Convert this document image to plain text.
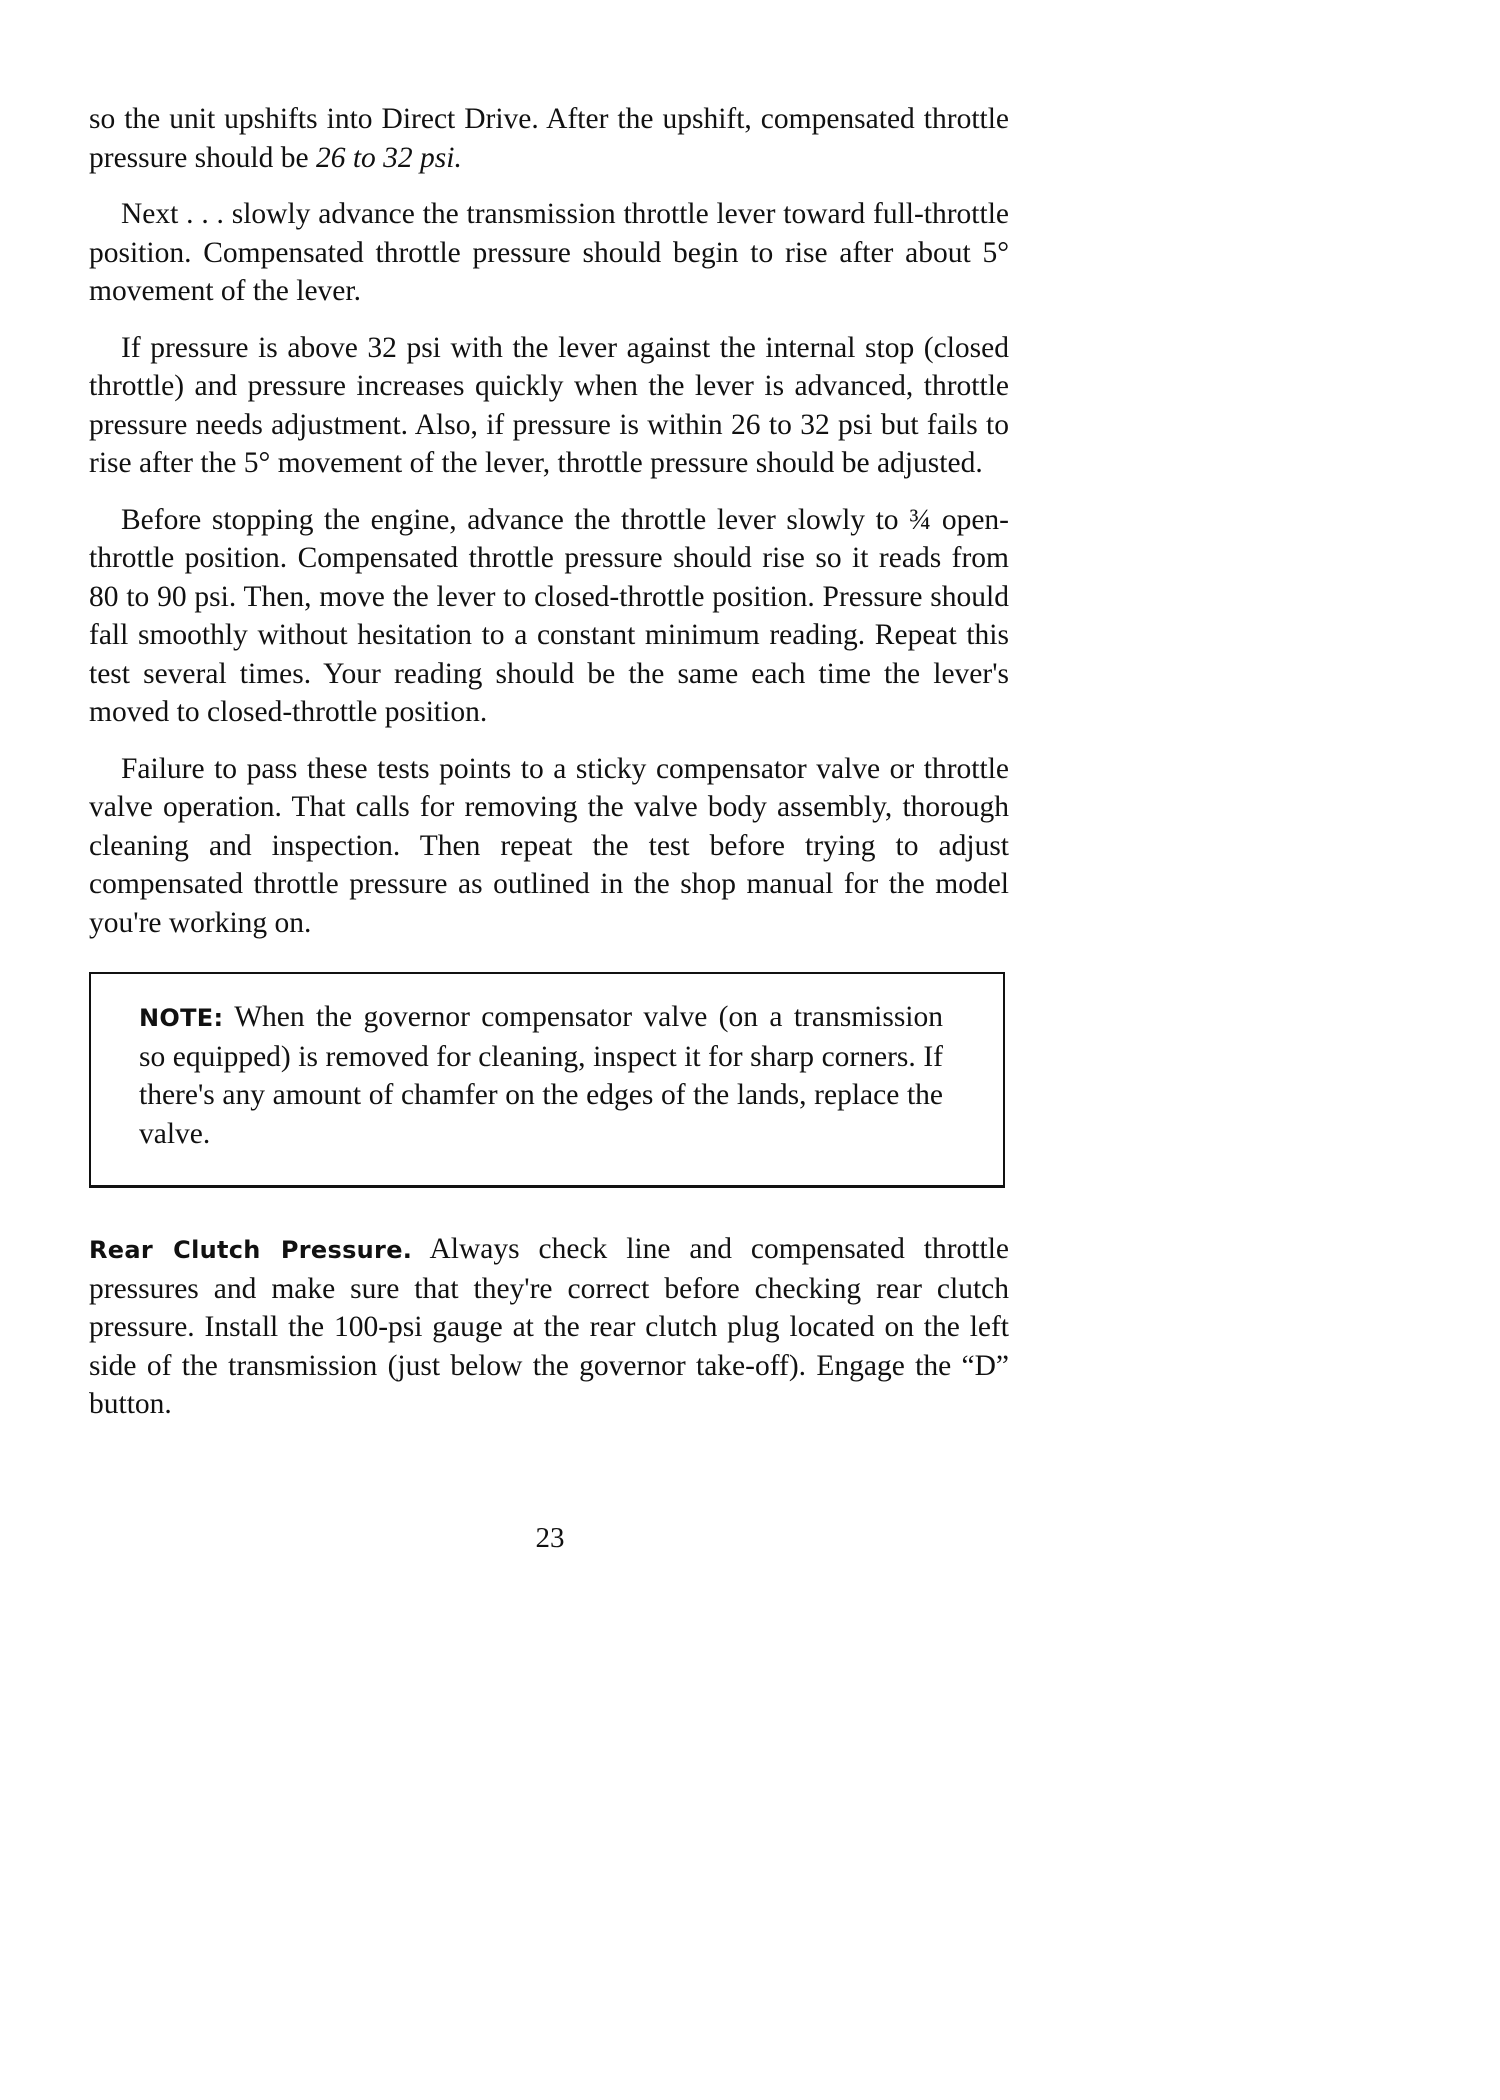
so the unit upshifts into Direct Drive. After the upshift, compensated throttle pressure should be 26 to 32 psi.

Next . . . slowly advance the transmission throttle lever toward full-throttle position. Compensated throttle pressure should begin to rise after about 5° movement of the lever.

If pressure is above 32 psi with the lever against the internal stop (closed throttle) and pressure increases quickly when the lever is advanced, throttle pressure needs adjustment. Also, if pressure is within 26 to 32 psi but fails to rise after the 5° movement of the lever, throttle pressure should be adjusted.

Before stopping the engine, advance the throttle lever slowly to ¾ open-throttle position. Compensated throttle pressure should rise so it reads from 80 to 90 psi. Then, move the lever to closed-throttle position. Pressure should fall smoothly without hesitation to a constant minimum reading. Repeat this test several times. Your reading should be the same each time the lever's moved to closed-throttle position.

Failure to pass these tests points to a sticky compensator valve or throttle valve operation. That calls for removing the valve body assembly, thorough cleaning and inspection. Then repeat the test before trying to adjust compensated throttle pressure as outlined in the shop manual for the model you're working on.

NOTE: When the governor compensator valve (on a transmission so equipped) is removed for cleaning, inspect it for sharp corners. If there's any amount of chamfer on the edges of the lands, replace the valve.

Rear Clutch Pressure. Always check line and compensated throttle pressures and make sure that they're correct before checking rear clutch pressure. Install the 100-psi gauge at the rear clutch plug located on the left side of the transmission (just below the governor take-off). Engage the “D” button.

23
